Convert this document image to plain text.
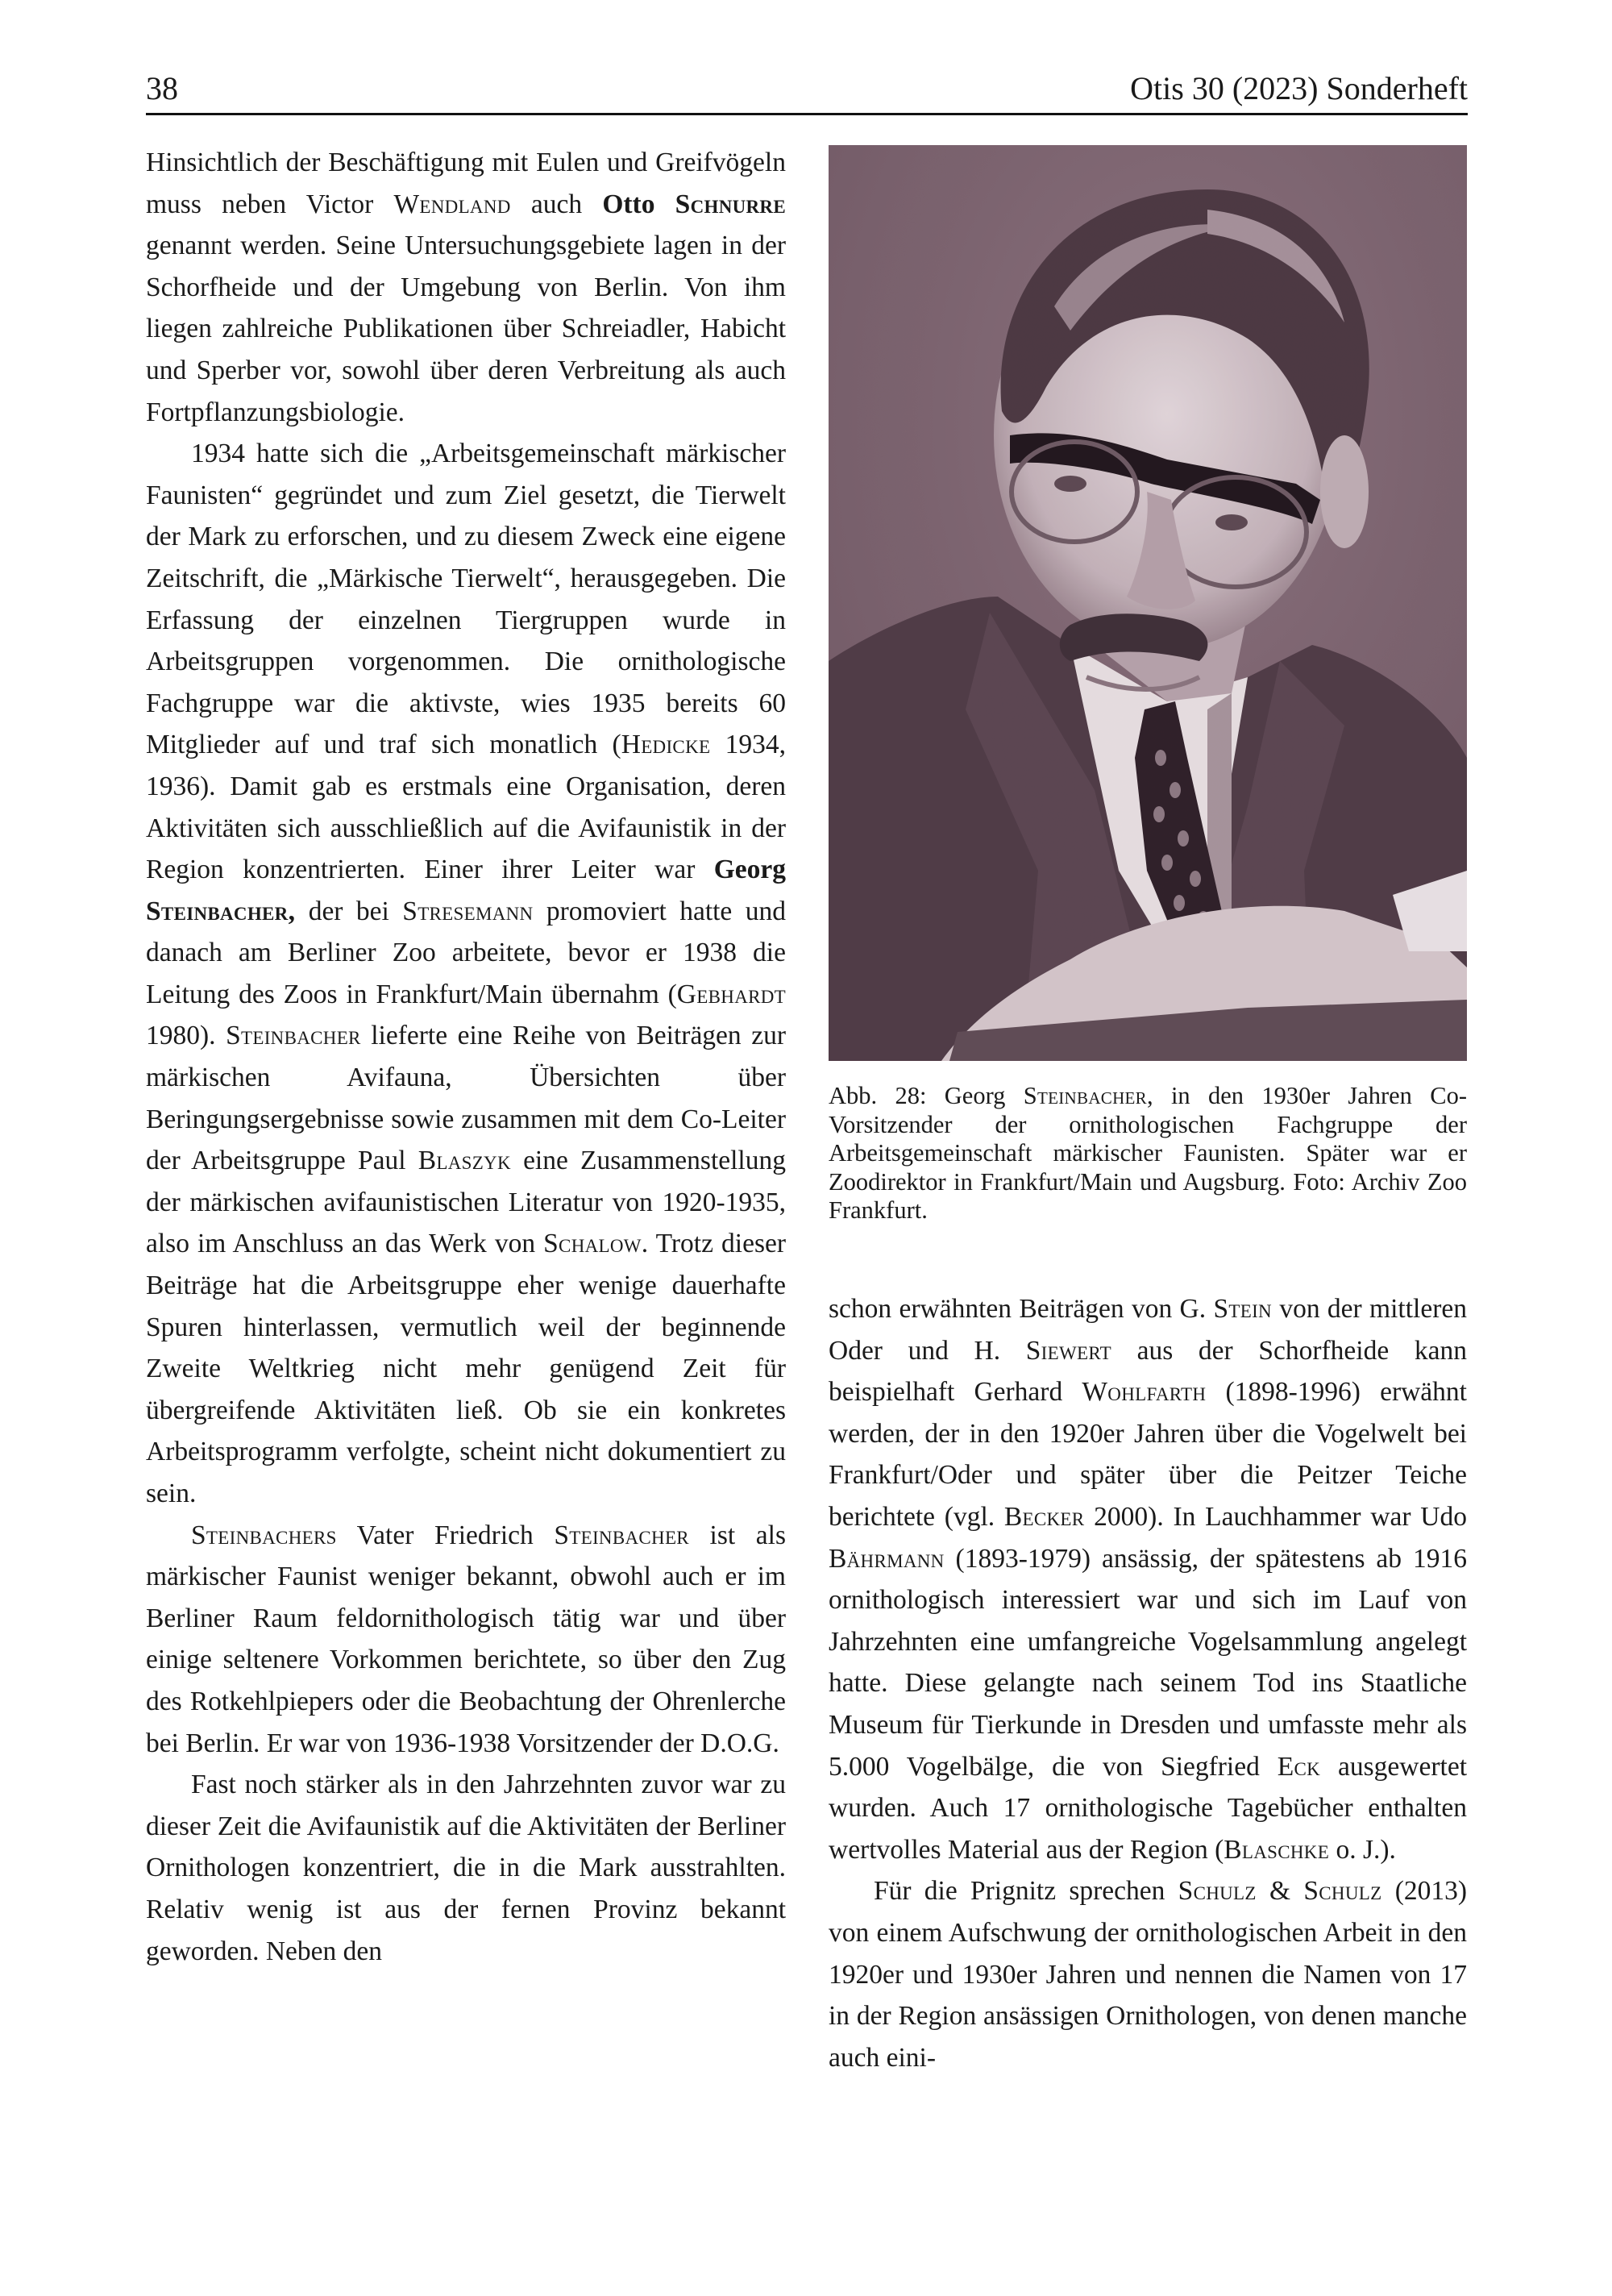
38	Otis 30 (2023) Sonderheft

Hinsichtlich der Beschäftigung mit Eulen und Greifvögeln muss neben Victor Wendland auch Otto Schnurre genannt werden. Seine Untersuchungsgebiete lagen in der Schorfheide und der Umgebung von Berlin. Von ihm liegen zahlreiche Publikationen über Schreiadler, Habicht und Sperber vor, sowohl über deren Verbreitung als auch Fortpflanzungsbiologie.

1934 hatte sich die „Arbeitsgemeinschaft märkischer Faunisten“ gegründet und zum Ziel gesetzt, die Tierwelt der Mark zu erforschen, und zu diesem Zweck eine eigene Zeitschrift, die „Märkische Tierwelt“, herausgegeben. Die Erfassung der einzelnen Tiergruppen wurde in Arbeitsgruppen vorgenommen. Die ornithologische Fachgruppe war die aktivste, wies 1935 bereits 60 Mitglieder auf und traf sich monatlich (Hedicke 1934, 1936). Damit gab es erstmals eine Organisation, deren Aktivitäten sich ausschließlich auf die Avifaunistik in der Region konzentrierten. Einer ihrer Leiter war Georg Steinbacher, der bei Stresemann promoviert hatte und danach am Berliner Zoo arbeitete, bevor er 1938 die Leitung des Zoos in Frankfurt/Main übernahm (Gebhardt 1980). Steinbacher lieferte eine Reihe von Beiträgen zur märkischen Avifauna, Übersichten über Beringungsergebnisse sowie zusammen mit dem Co-Leiter der Arbeitsgruppe Paul Blaszyk eine Zusammenstellung der märkischen avifaunistischen Literatur von 1920-1935, also im Anschluss an das Werk von Schalow. Trotz dieser Beiträge hat die Arbeitsgruppe eher wenige dauerhafte Spuren hinterlassen, vermutlich weil der beginnende Zweite Weltkrieg nicht mehr genügend Zeit für übergreifende Aktivitäten ließ. Ob sie ein konkretes Arbeitsprogramm verfolgte, scheint nicht dokumentiert zu sein.

Steinbachers Vater Friedrich Steinbacher ist als märkischer Faunist weniger bekannt, obwohl auch er im Berliner Raum feldornithologisch tätig war und über einige seltenere Vorkommen berichtete, so über den Zug des Rotkehlpiepers oder die Beobachtung der Ohrenlerche bei Berlin. Er war von 1936-1938 Vorsitzender der D.O.G.

Fast noch stärker als in den Jahrzehnten zuvor war zu dieser Zeit die Avifaunistik auf die Aktivitäten der Berliner Ornithologen konzentriert, die in die Mark ausstrahlten. Relativ wenig ist aus der fernen Provinz bekannt geworden. Neben den

Abb. 28: Georg Steinbacher, in den 1930er Jahren Co-Vorsitzender der ornithologischen Fachgruppe der Arbeitsgemeinschaft märkischer Faunisten. Später war er Zoodirektor in Frankfurt/Main und Augsburg. Foto: Archiv Zoo Frankfurt.

schon erwähnten Beiträgen von G. Stein von der mittleren Oder und H. Siewert aus der Schorfheide kann beispielhaft Gerhard Wohlfarth (1898-1996) erwähnt werden, der in den 1920er Jahren über die Vogelwelt bei Frankfurt/Oder und später über die Peitzer Teiche berichtete (vgl. Becker 2000). In Lauchhammer war Udo Bährmann (1893-1979) ansässig, der spätestens ab 1916 ornithologisch interessiert war und sich im Lauf von Jahrzehnten eine umfangreiche Vogelsammlung angelegt hatte. Diese gelangte nach seinem Tod ins Staatliche Museum für Tierkunde in Dresden und umfasste mehr als 5.000 Vogelbälge, die von Siegfried Eck ausgewertet wurden. Auch 17 ornithologische Tagebücher enthalten wertvolles Material aus der Region (Blaschke o. J.).

Für die Prignitz sprechen Schulz & Schulz (2013) von einem Aufschwung der ornithologischen Arbeit in den 1920er und 1930er Jahren und nennen die Namen von 17 in der Region ansässigen Ornithologen, von denen manche auch eini-
